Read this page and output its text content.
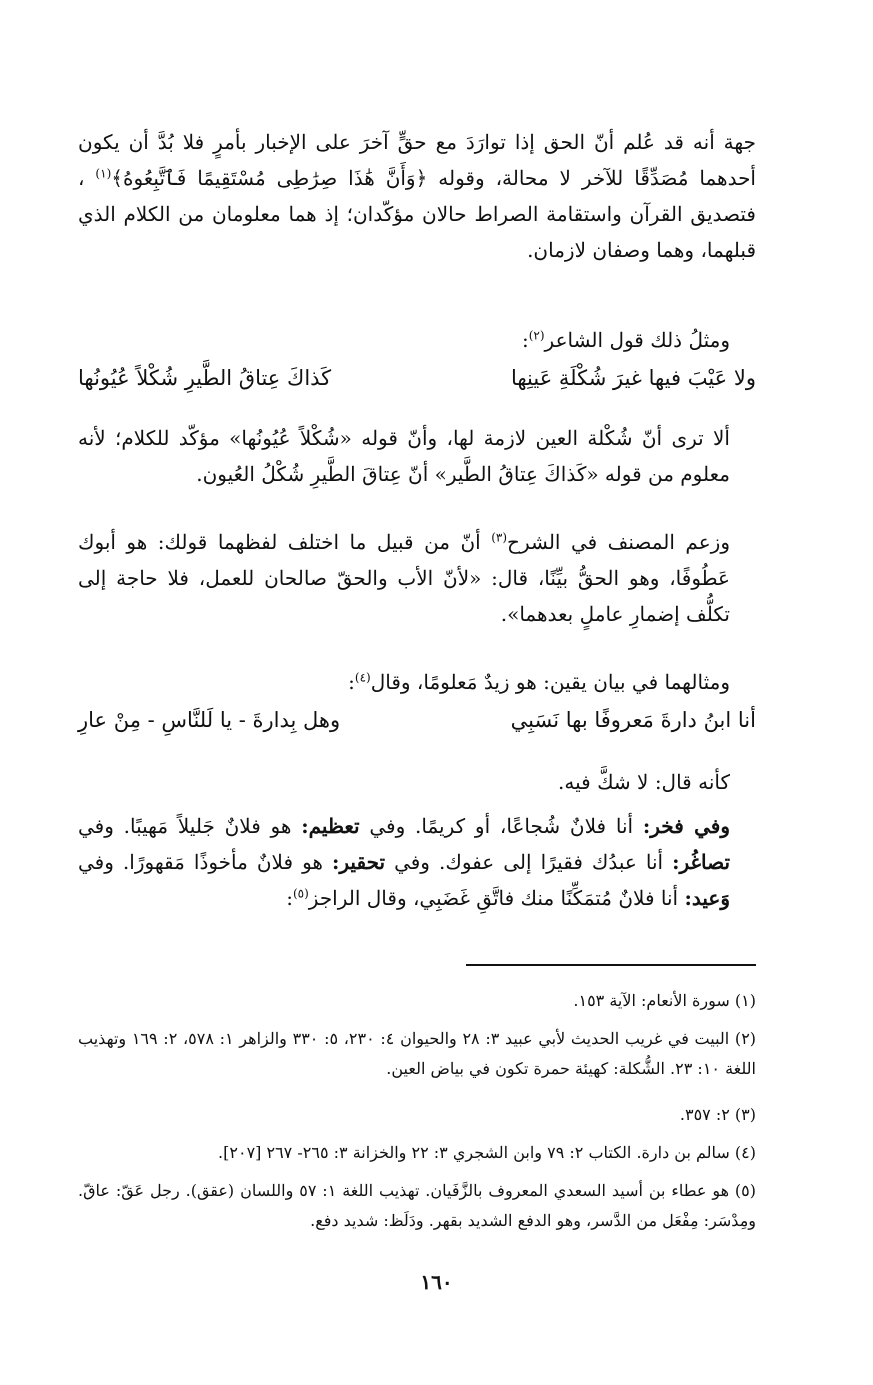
جهة أنه قد عُلم أنّ الحق إذا توارَدَ مع حقٍّ آخرَ على الإخبار بأمرٍ فلا بُدَّ أن يكون أحدهما مُصَدِّقًا للآخر لا محالة، وقوله ﴿وَأَنَّ هَٰذَا صِرَٰطِى مُسْتَقِيمًا فَٱتَّبِعُوهُ﴾$^{(١)}$ ، فتصديق القرآن واستقامة الصراط حالان مؤكّدان؛ إذ هما معلومان من الكلام الذي قبلهما، وهما وصفان لازمان.
ومثلُ ذلك قول الشاعر$^{(٢)}$:
ولا عَيْبَ فيها غيرَ شُكْلَةِ عَينِها
كَذاكَ عِتاقُ الطَّيرِ شُكْلاً عُيُونُها
ألا ترى أنّ شُكْلة العين لازمة لها، وأنّ قوله «شُكْلاً عُيُونُها» مؤكّد للكلام؛ لأنه معلوم من قوله «كَذاكَ عِتاقُ الطَّير» أنّ عِتاقَ الطَّيرِ شُكْلُ العُيون.
وزعم المصنف في الشرح$^{(٣)}$ أنّ من قبيل ما اختلف لفظهما قولك: هو أبوك عَطُوفًا، وهو الحقُّ بيِّنًا، قال: «لأنّ الأب والحقّ صالحان للعمل، فلا حاجة إلى تكلُّف إضمارِ عاملٍ بعدهما».
ومثالهما في بيان يقين: هو زيدٌ مَعلومًا، وقال$^{(٤)}$:
أنا ابنُ دارةَ مَعروفًا بها نَسَبِي
وهل بِدارةَ - يا لَلنَّاسِ - مِنْ عارِ
كأنه قال: لا شكَّ فيه.
وفي فخر: أنا فلانٌ شُجاعًا، أو كريمًا. وفي تعظيم: هو فلانٌ جَليلاً مَهيبًا. وفي تصاغُر: أنا عبدُك فقيرًا إلى عفوك. وفي تحقير: هو فلانٌ مأخوذًا مَقهورًا. وفي وَعيد: أنا فلانٌ مُتمَكِّنًا منك فاتَّقِ غَضَبِي، وقال الراجز$^{(٥)}$:
(١) سورة الأنعام: الآية ١٥٣.
(٢) البيت في غريب الحديث لأبي عبيد ٣: ٢٨ والحيوان ٤: ٢٣٠، ٥: ٣٣٠ والزاهر ١: ٥٧٨، ٢: ١٦٩ وتهذيب اللغة ١٠: ٢٣. الشُّكلة: كهيئة حمرة تكون في بياض العين.
(٣) ٢: ٣٥٧.
(٤) سالم بن دارة. الكتاب ٢: ٧٩ وابن الشجري ٣: ٢٢ والخزانة ٣: ٢٦٥- ٢٦٧ [٢٠٧].
(٥) هو عطاء بن أسيد السعدي المعروف بالزَّفَيان. تهذيب اللغة ١: ٥٧ واللسان (عقق). رجل عَقّ: عاقّ. ومِدْسَر: مِفْعَل من الدَّسر، وهو الدفع الشديد بقهر. ودَلَظ: شديد دفع.
١٦٠
